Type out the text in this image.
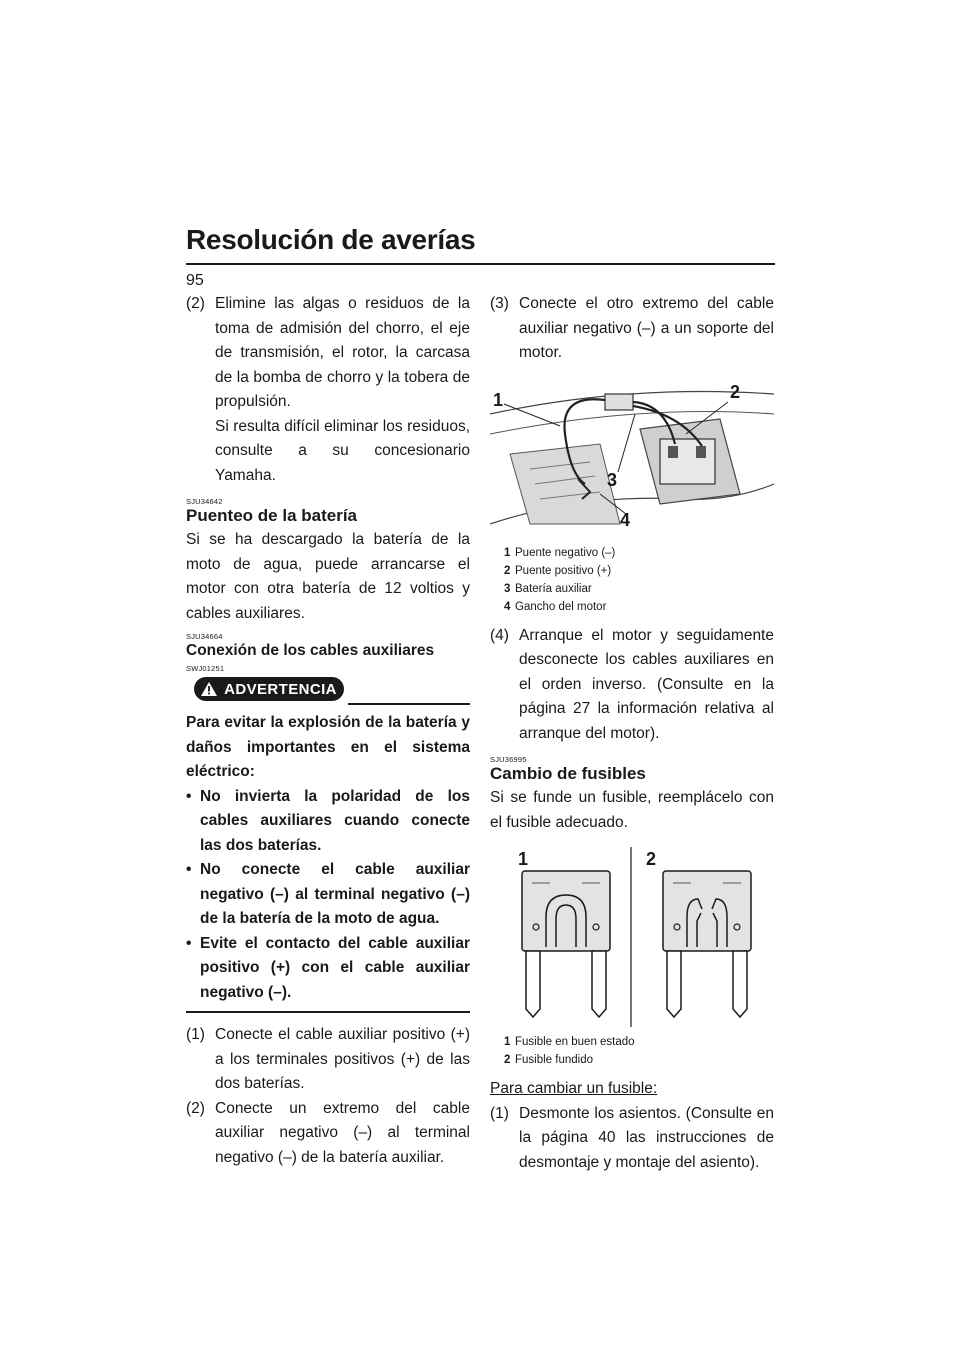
Resolución de averías
95

(2) Elimine las algas o residuos de la toma de admisión del chorro, el eje de transmisión, el rotor, la carcasa de la bomba de chorro y la tobera de propulsión.

Si resulta difícil eliminar los residuos, consulte a su concesionario Yamaha.

SJU34642
Puenteo de la batería

Si se ha descargado la batería de la moto de agua, puede arrancarse el motor con otra batería de 12 voltios y cables auxiliares.

SJU34664
Conexión de los cables auxiliares
SWJ01251
ADVERTENCIA

Para evitar la explosión de la batería y daños importantes en el sistema eléctrico:

• No invierta la polaridad de los cables auxiliares cuando conecte las dos baterías.

• No conecte el cable auxiliar negativo (–) al terminal negativo (–) de la batería de la moto de agua.

• Evite el contacto del cable auxiliar positivo (+) con el cable auxiliar negativo (–).

(1) Conecte el cable auxiliar positivo (+) a los terminales positivos (+) de las dos baterías.

(2) Conecte un extremo del cable auxiliar negativo (–) al terminal negativo (–) de la batería auxiliar.

(3) Conecte el otro extremo del cable auxiliar negativo (–) a un soporte del motor.

1	2
3
4
1 Puente negativo (–)
2 Puente positivo (+)
3 Batería auxiliar
4 Gancho del motor

(4) Arranque el motor y seguidamente desconecte los cables auxiliares en el orden inverso. (Consulte en la página 27 la información relativa al arranque del motor).

SJU36995
Cambio de fusibles

Si se funde un fusible, reemplácelo con el fusible adecuado.

1	2
1 Fusible en buen estado
2 Fusible fundido

Para cambiar un fusible:

(1) Desmonte los asientos. (Consulte en la página 40 las instrucciones de desmontaje y montaje del asiento).
